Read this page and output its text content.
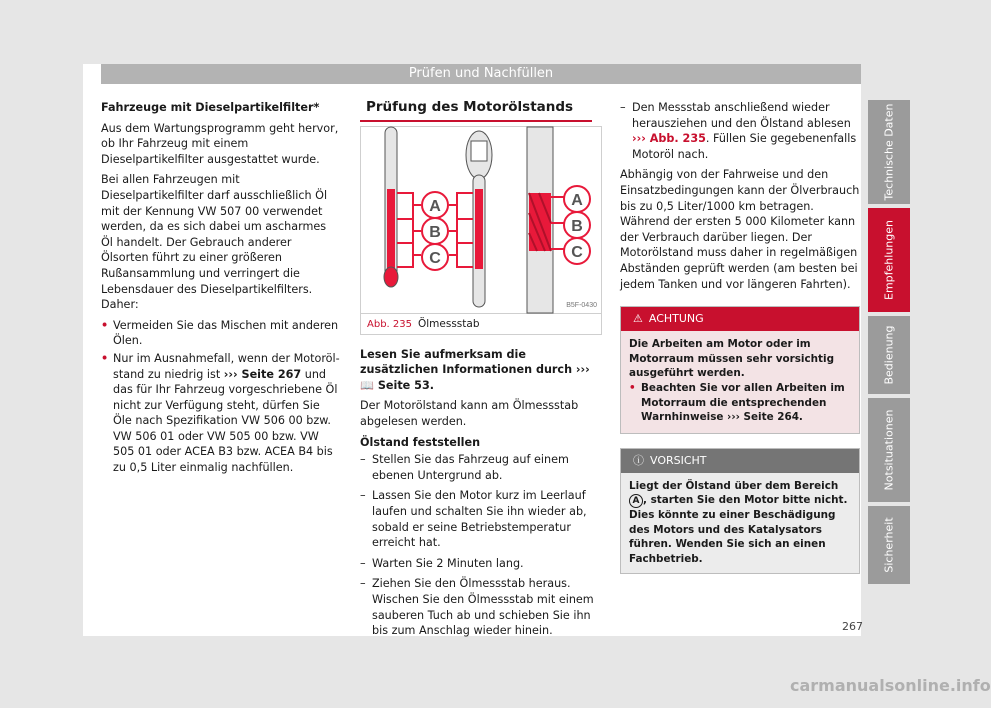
Prüfen und Nachfüllen

Fahrzeuge mit Dieselpartikelfilter*

Aus dem Wartungsprogramm geht hervor, ob Ihr Fahrzeug mit einem Dieselpartikelfilter ausgestattet wurde.

Bei allen Fahrzeugen mit Dieselpartikelfilter darf ausschließlich Öl mit der Kennung VW 507 00 verwendet werden, da es sich dabei um ascharmes Öl handelt. Der Gebrauch anderer Ölsorten führt zu einer größeren Rußansammlung und verringert die Lebensdauer des Dieselpartikelfilters. Daher:

• Vermeiden Sie das Mischen mit anderen Ölen.
• Nur im Ausnahmefall, wenn der Motoröl-stand zu niedrig ist ››› Seite 267 und das für Ihr Fahrzeug vorgeschriebene Öl nicht zur Verfügung steht, dürfen Sie Öle nach Spezifikation VW 506 00 bzw. VW 506 01 oder VW 505 00 bzw. VW 505 01 oder ACEA B3 bzw. ACEA B4 bis zu 0,5 Liter einmalig nachfüllen.
Prüfung des Motorölstands
A
B
C
A
B
C
B5F-0430
Abb. 235 Ölmessstab

Lesen Sie aufmerksam die zusätzlichen Informationen durch ››› 📖 Seite 53.

Der Motorölstand kann am Ölmessstab abgelesen werden.

Ölstand feststellen

– Stellen Sie das Fahrzeug auf einem ebenen Untergrund ab.
– Lassen Sie den Motor kurz im Leerlauf laufen und schalten Sie ihn wieder ab, sobald er seine Betriebstemperatur erreicht hat.
– Warten Sie 2 Minuten lang.
– Ziehen Sie den Ölmessstab heraus. Wischen Sie den Ölmessstab mit einem sauberen Tuch ab und schieben Sie ihn bis zum Anschlag wieder hinein.
– Den Messstab anschließend wieder herausziehen und den Ölstand ablesen ››› Abb. 235. Füllen Sie gegebenenfalls Motoröl nach.

Abhängig von der Fahrweise und den Einsatzbedingungen kann der Ölverbrauch bis zu 0,5 Liter/1000 km betragen. Während der ersten 5 000 Kilometer kann der Verbrauch darüber liegen. Der Motorölstand muss daher in regelmäßigen Abständen geprüft werden (am besten bei jedem Tanken und vor längeren Fahrten).

⚠ ACHTUNG

Die Arbeiten am Motor oder im Motorraum müssen sehr vorsichtig ausgeführt werden.

• Beachten Sie vor allen Arbeiten im Motorraum die entsprechenden Warnhinweise ››› Seite 264.
ⓘ VORSICHT

Liegt der Ölstand über dem Bereich A , starten Sie den Motor bitte nicht. Dies könnte zu einer Beschädigung des Motors und des Katalysators führen. Wenden Sie sich an einen Fachbetrieb.

Technische Daten
Empfehlungen
Bedienung
Notsituationen
Sicherheit
267
carmanualsonline.info
